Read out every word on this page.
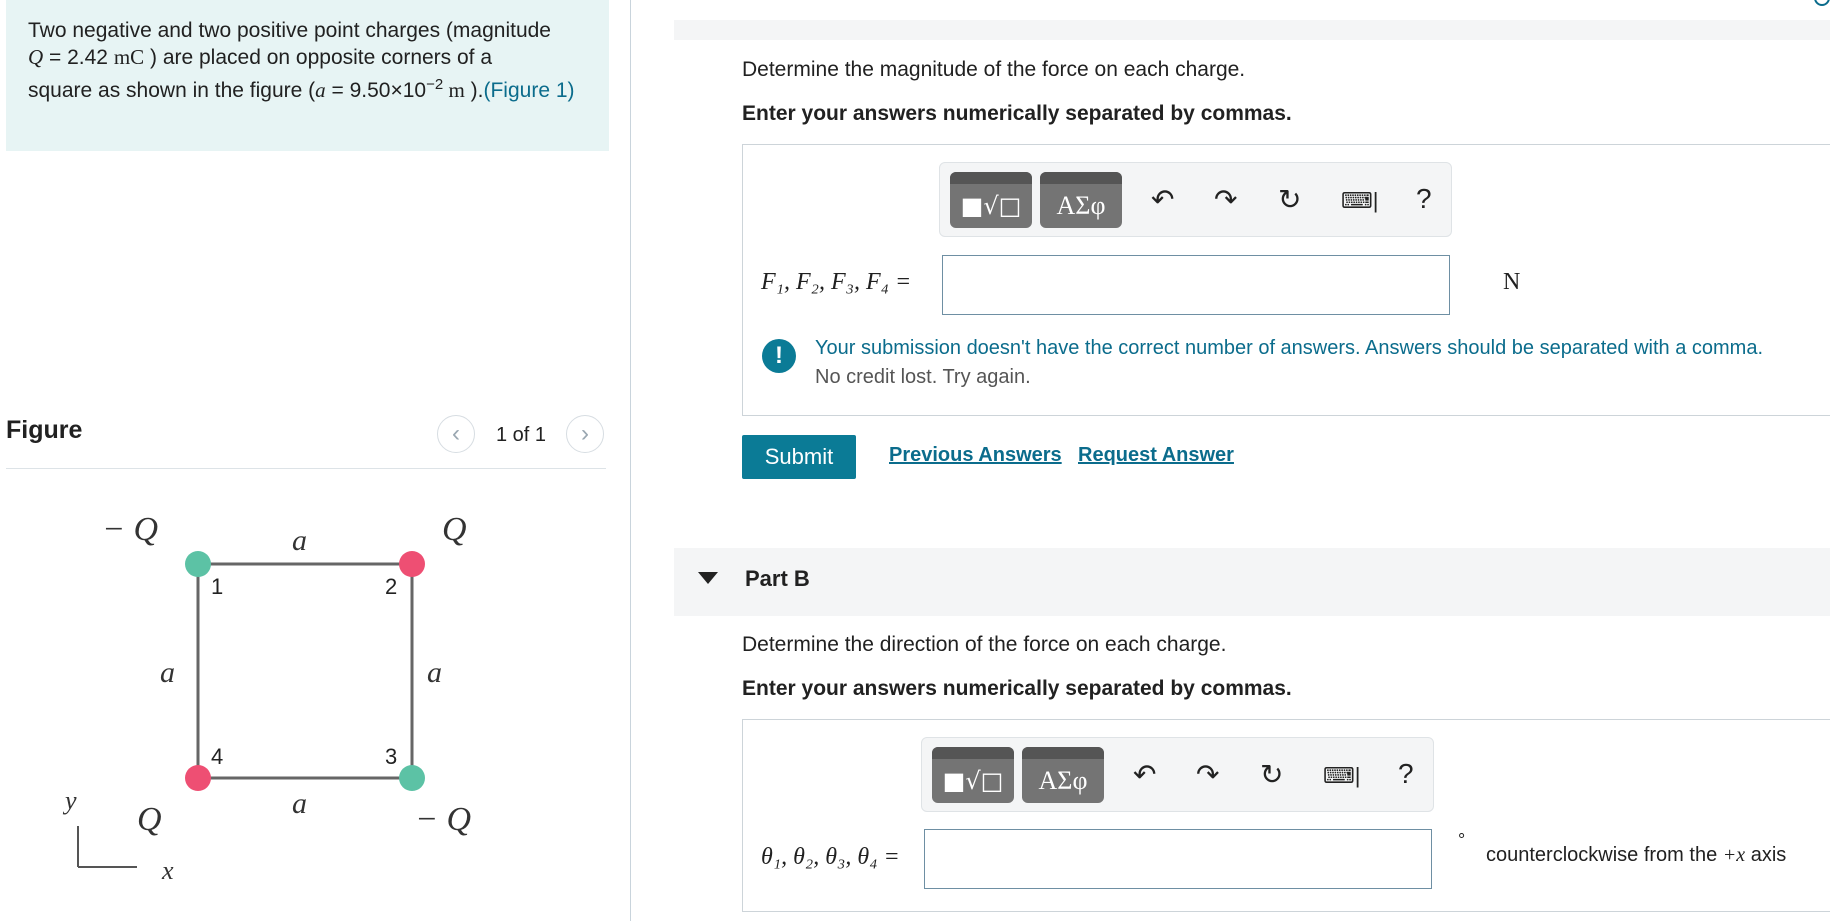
Two negative and two positive point charges (magnitude
Q = 2.42 mC ) are placed on opposite corners of a
square as shown in the figure ($a = 9.50\times 10^{-2}$ m ).(Figure 1)
Figure	‹ 1 of 1 ›
− Q	Q
Q	− Q
a
a
a	a
1	2
3
4
y
x
Determine the magnitude of the force on each charge.
Enter your answers numerically separated by commas.
■√□ ΑΣφ ↶ ↷ ↻ ⌨| ?
F₁, F₂, F₃, F₄ =	N
!	Your submission doesn't have the correct number of answers. Answers should be separated with a comma.
No credit lost. Try again.
Submit	Previous Answers Request Answer
Part B
Determine the direction of the force on each charge.
Enter your answers numerically separated by commas.
■√□ ΑΣφ ↶ ↷ ↻ ⌨| ?
θ₁, θ₂, θ₃, θ₄ =
°
counterclockwise from the +x axis
